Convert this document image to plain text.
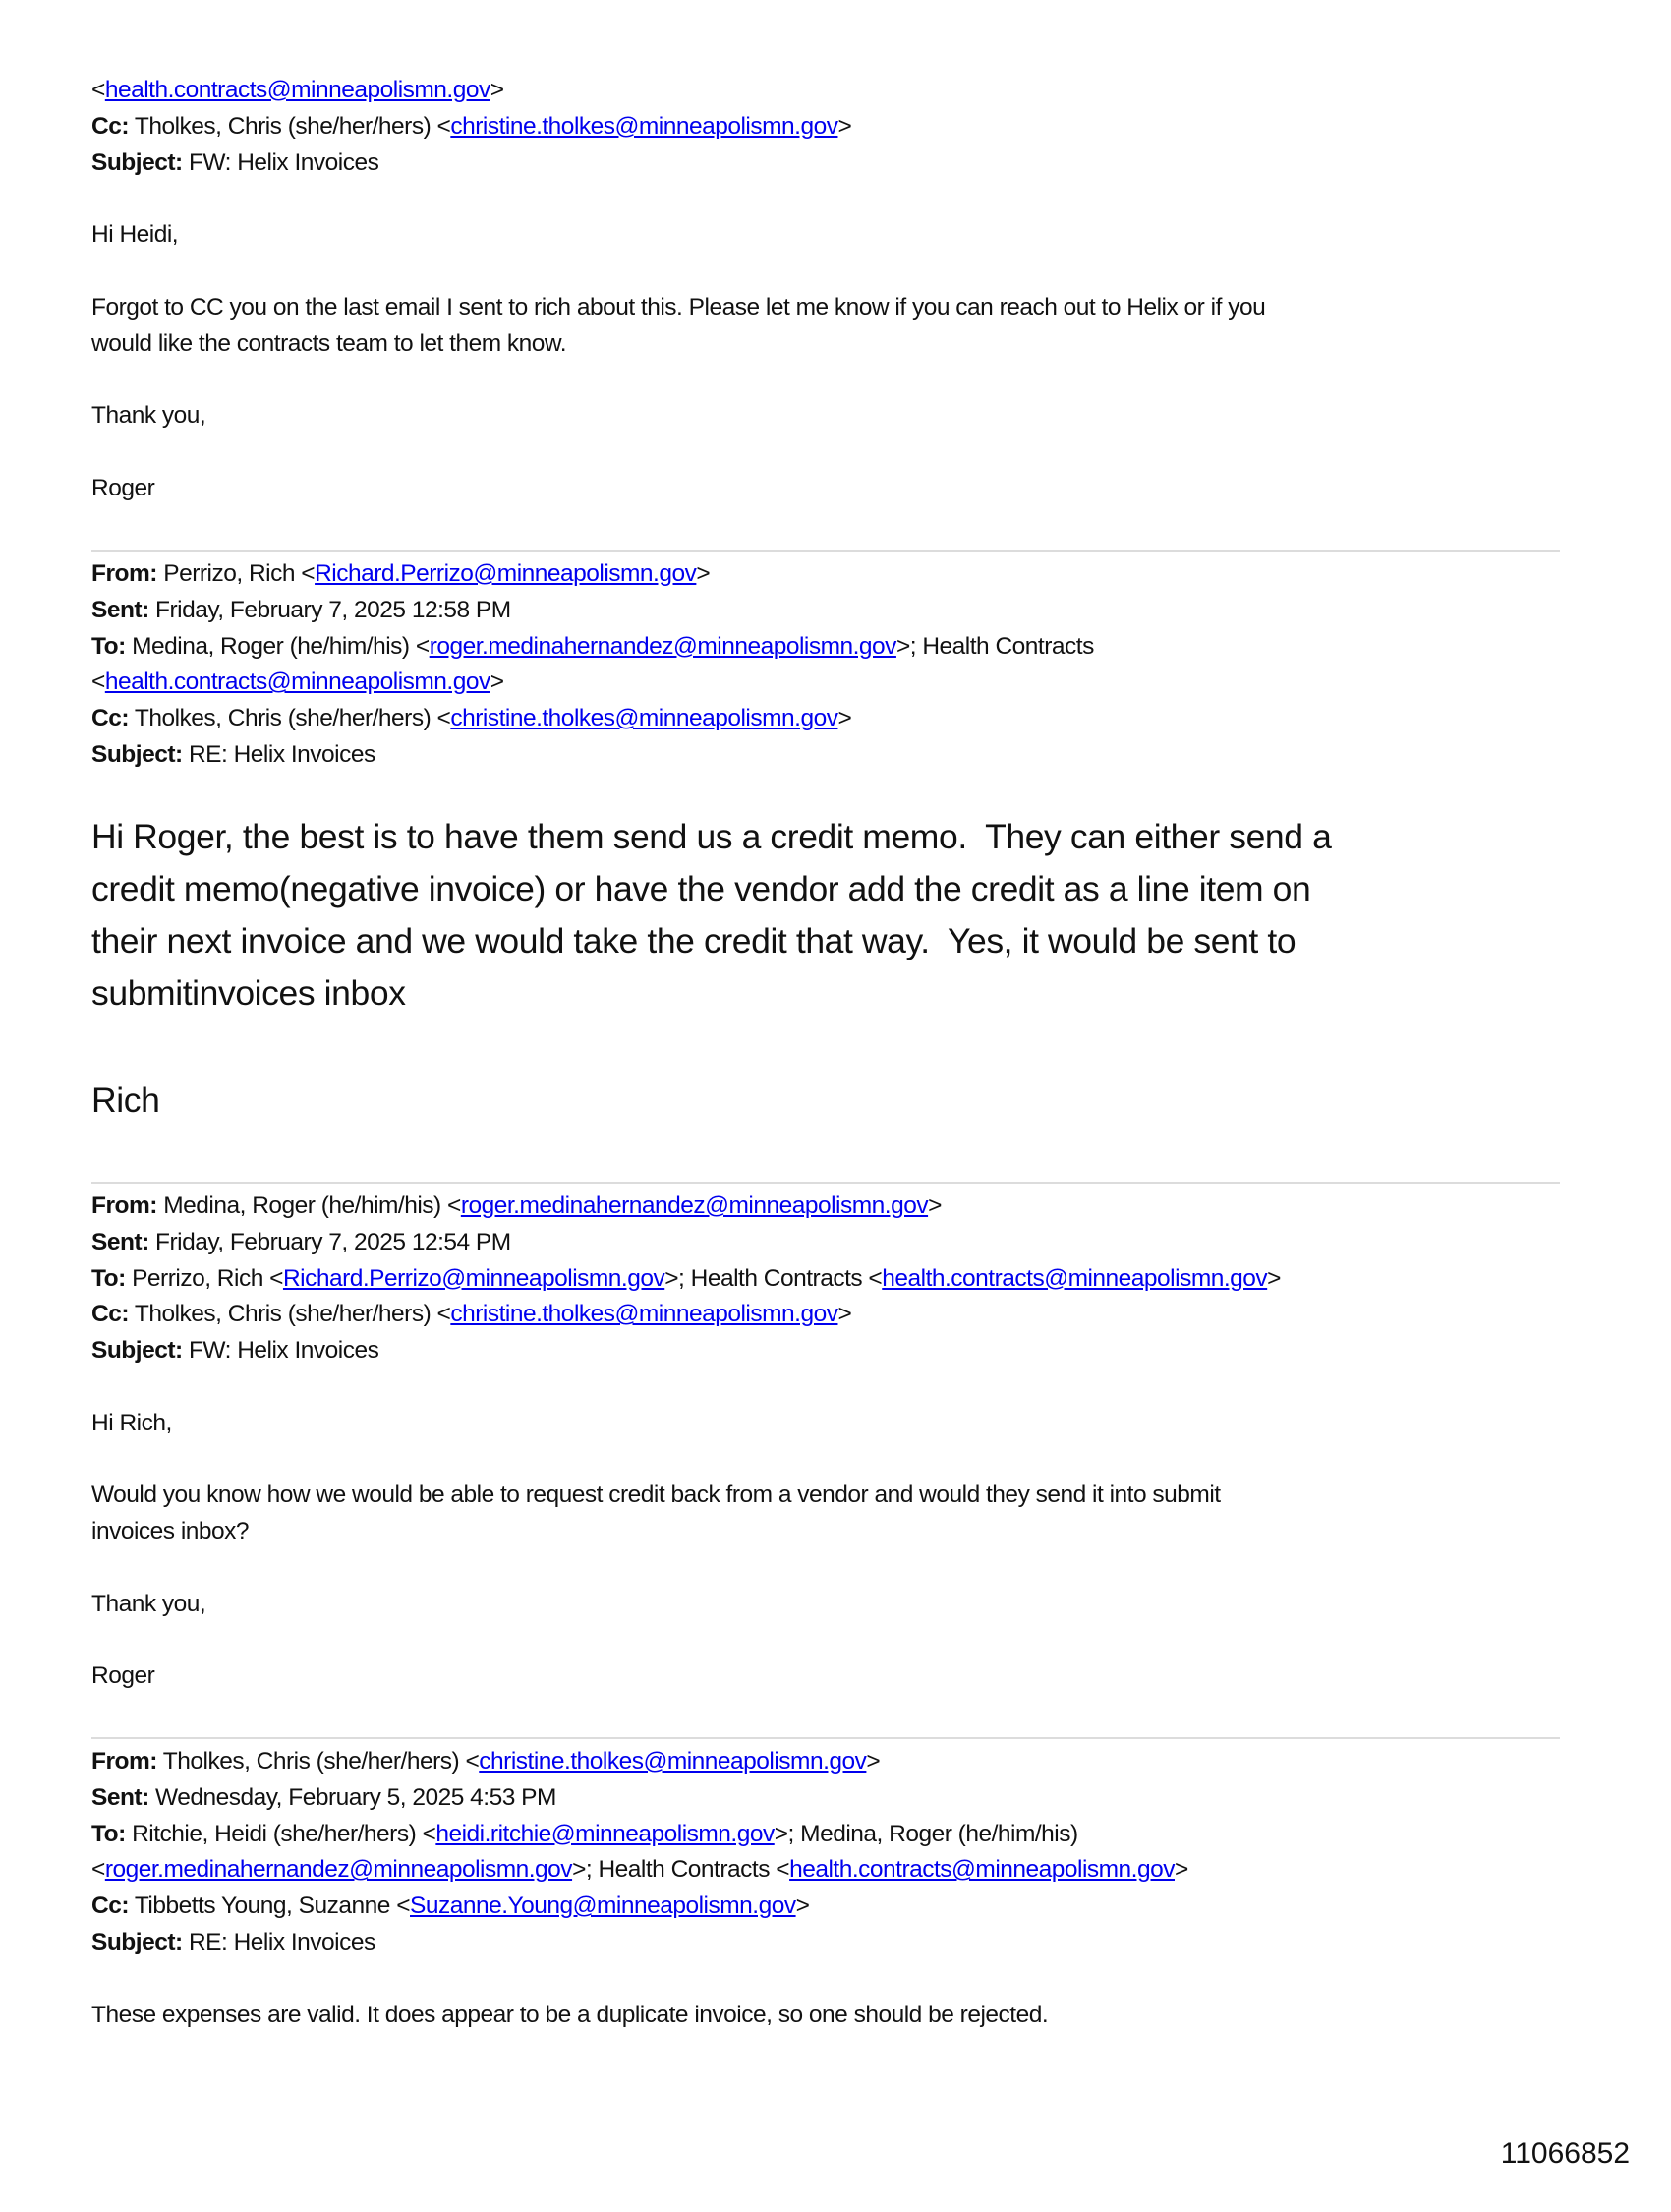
11066852
<health.contracts@minneapolismn.gov>
Cc: Tholkes, Chris (she/her/hers) <christine.tholkes@minneapolismn.gov>
Subject: FW: Helix Invoices
Hi Heidi,
Forgot to CC you on the last email I sent to rich about this. Please let me know if you can reach out to Helix or if you
would like the contracts team to let them know.
Thank you,
Roger
From: Perrizo, Rich <Richard.Perrizo@minneapolismn.gov>
Sent: Friday, February 7, 2025 12:58 PM
To: Medina, Roger (he/him/his) <roger.medinahernandez@minneapolismn.gov>; Health Contracts
<health.contracts@minneapolismn.gov>
Cc: Tholkes, Chris (she/her/hers) <christine.tholkes@minneapolismn.gov>
Subject: RE: Helix Invoices
Hi Roger, the best is to have them send us a credit memo.  They can either send a
credit memo(negative invoice) or have the vendor add the credit as a line item on
their next invoice and we would take the credit that way.  Yes, it would be sent to
submitinvoices inbox
Rich
From: Medina, Roger (he/him/his) <roger.medinahernandez@minneapolismn.gov>
Sent: Friday, February 7, 2025 12:54 PM
To: Perrizo, Rich <Richard.Perrizo@minneapolismn.gov>; Health Contracts <health.contracts@minneapolismn.gov>
Cc: Tholkes, Chris (she/her/hers) <christine.tholkes@minneapolismn.gov>
Subject: FW: Helix Invoices
Hi Rich,
Would you know how we would be able to request credit back from a vendor and would they send it into submit
invoices inbox?
Thank you,
Roger
From: Tholkes, Chris (she/her/hers) <christine.tholkes@minneapolismn.gov>
Sent: Wednesday, February 5, 2025 4:53 PM
To: Ritchie, Heidi (she/her/hers) <heidi.ritchie@minneapolismn.gov>; Medina, Roger (he/him/his)
<roger.medinahernandez@minneapolismn.gov>; Health Contracts <health.contracts@minneapolismn.gov>
Cc: Tibbetts Young, Suzanne <Suzanne.Young@minneapolismn.gov>
Subject: RE: Helix Invoices
These expenses are valid. It does appear to be a duplicate invoice, so one should be rejected.
